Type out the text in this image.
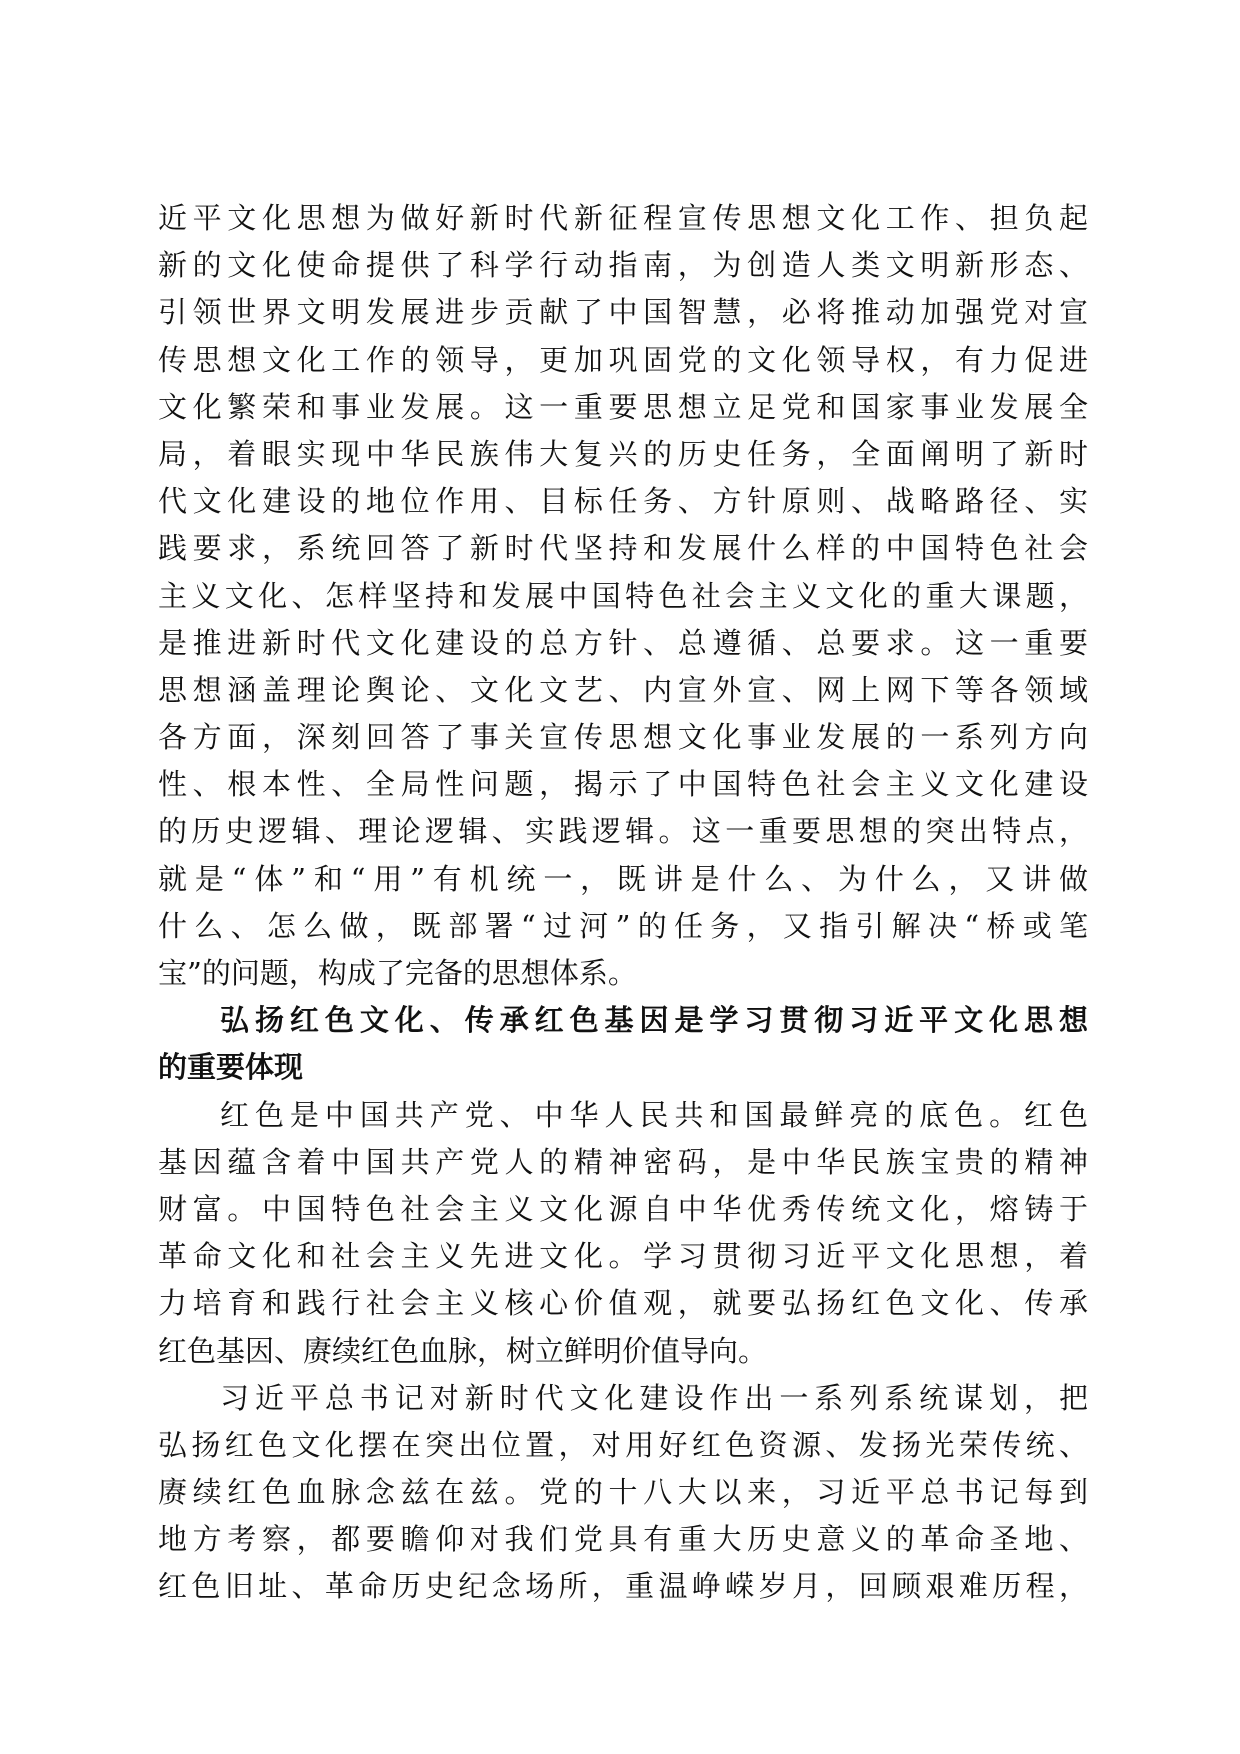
近平文化思想为做好新时代新征程宣传思想文化工作、担负起
新的文化使命提供了科学行动指南，为创造人类文明新形态、
引领世界文明发展进步贡献了中国智慧，必将推动加强党对宣
传思想文化工作的领导，更加巩固党的文化领导权，有力促进
文化繁荣和事业发展。这一重要思想立足党和国家事业发展全
局，着眼实现中华民族伟大复兴的历史任务，全面阐明了新时
代文化建设的地位作用、目标任务、方针原则、战略路径、实
践要求，系统回答了新时代坚持和发展什么样的中国特色社会
主义文化、怎样坚持和发展中国特色社会主义文化的重大课题，
是推进新时代文化建设的总方针、总遵循、总要求。这一重要
思想涵盖理论舆论、文化文艺、内宣外宣、网上网下等各领域
各方面，深刻回答了事关宣传思想文化事业发展的一系列方向
性、根本性、全局性问题，揭示了中国特色社会主义文化建设
的历史逻辑、理论逻辑、实践逻辑。这一重要思想的突出特点，
就是“体”和“用”有机统一，既讲是什么、为什么，又讲做
什么、怎么做，既部署“过河”的任务，又指引解决“桥或笔
宝”的问题，构成了完备的思想体系。
弘扬红色文化、传承红色基因是学习贯彻习近平文化思想
的重要体现
红色是中国共产党、中华人民共和国最鲜亮的底色。红色
基因蕴含着中国共产党人的精神密码，是中华民族宝贵的精神
财富。中国特色社会主义文化源自中华优秀传统文化，熔铸于
革命文化和社会主义先进文化。学习贯彻习近平文化思想，着
力培育和践行社会主义核心价值观，就要弘扬红色文化、传承
红色基因、赓续红色血脉，树立鲜明价值导向。
习近平总书记对新时代文化建设作出一系列系统谋划，把
弘扬红色文化摆在突出位置，对用好红色资源、发扬光荣传统、
赓续红色血脉念兹在兹。党的十八大以来，习近平总书记每到
地方考察，都要瞻仰对我们党具有重大历史意义的革命圣地、
红色旧址、革命历史纪念场所，重温峥嵘岁月，回顾艰难历程，
